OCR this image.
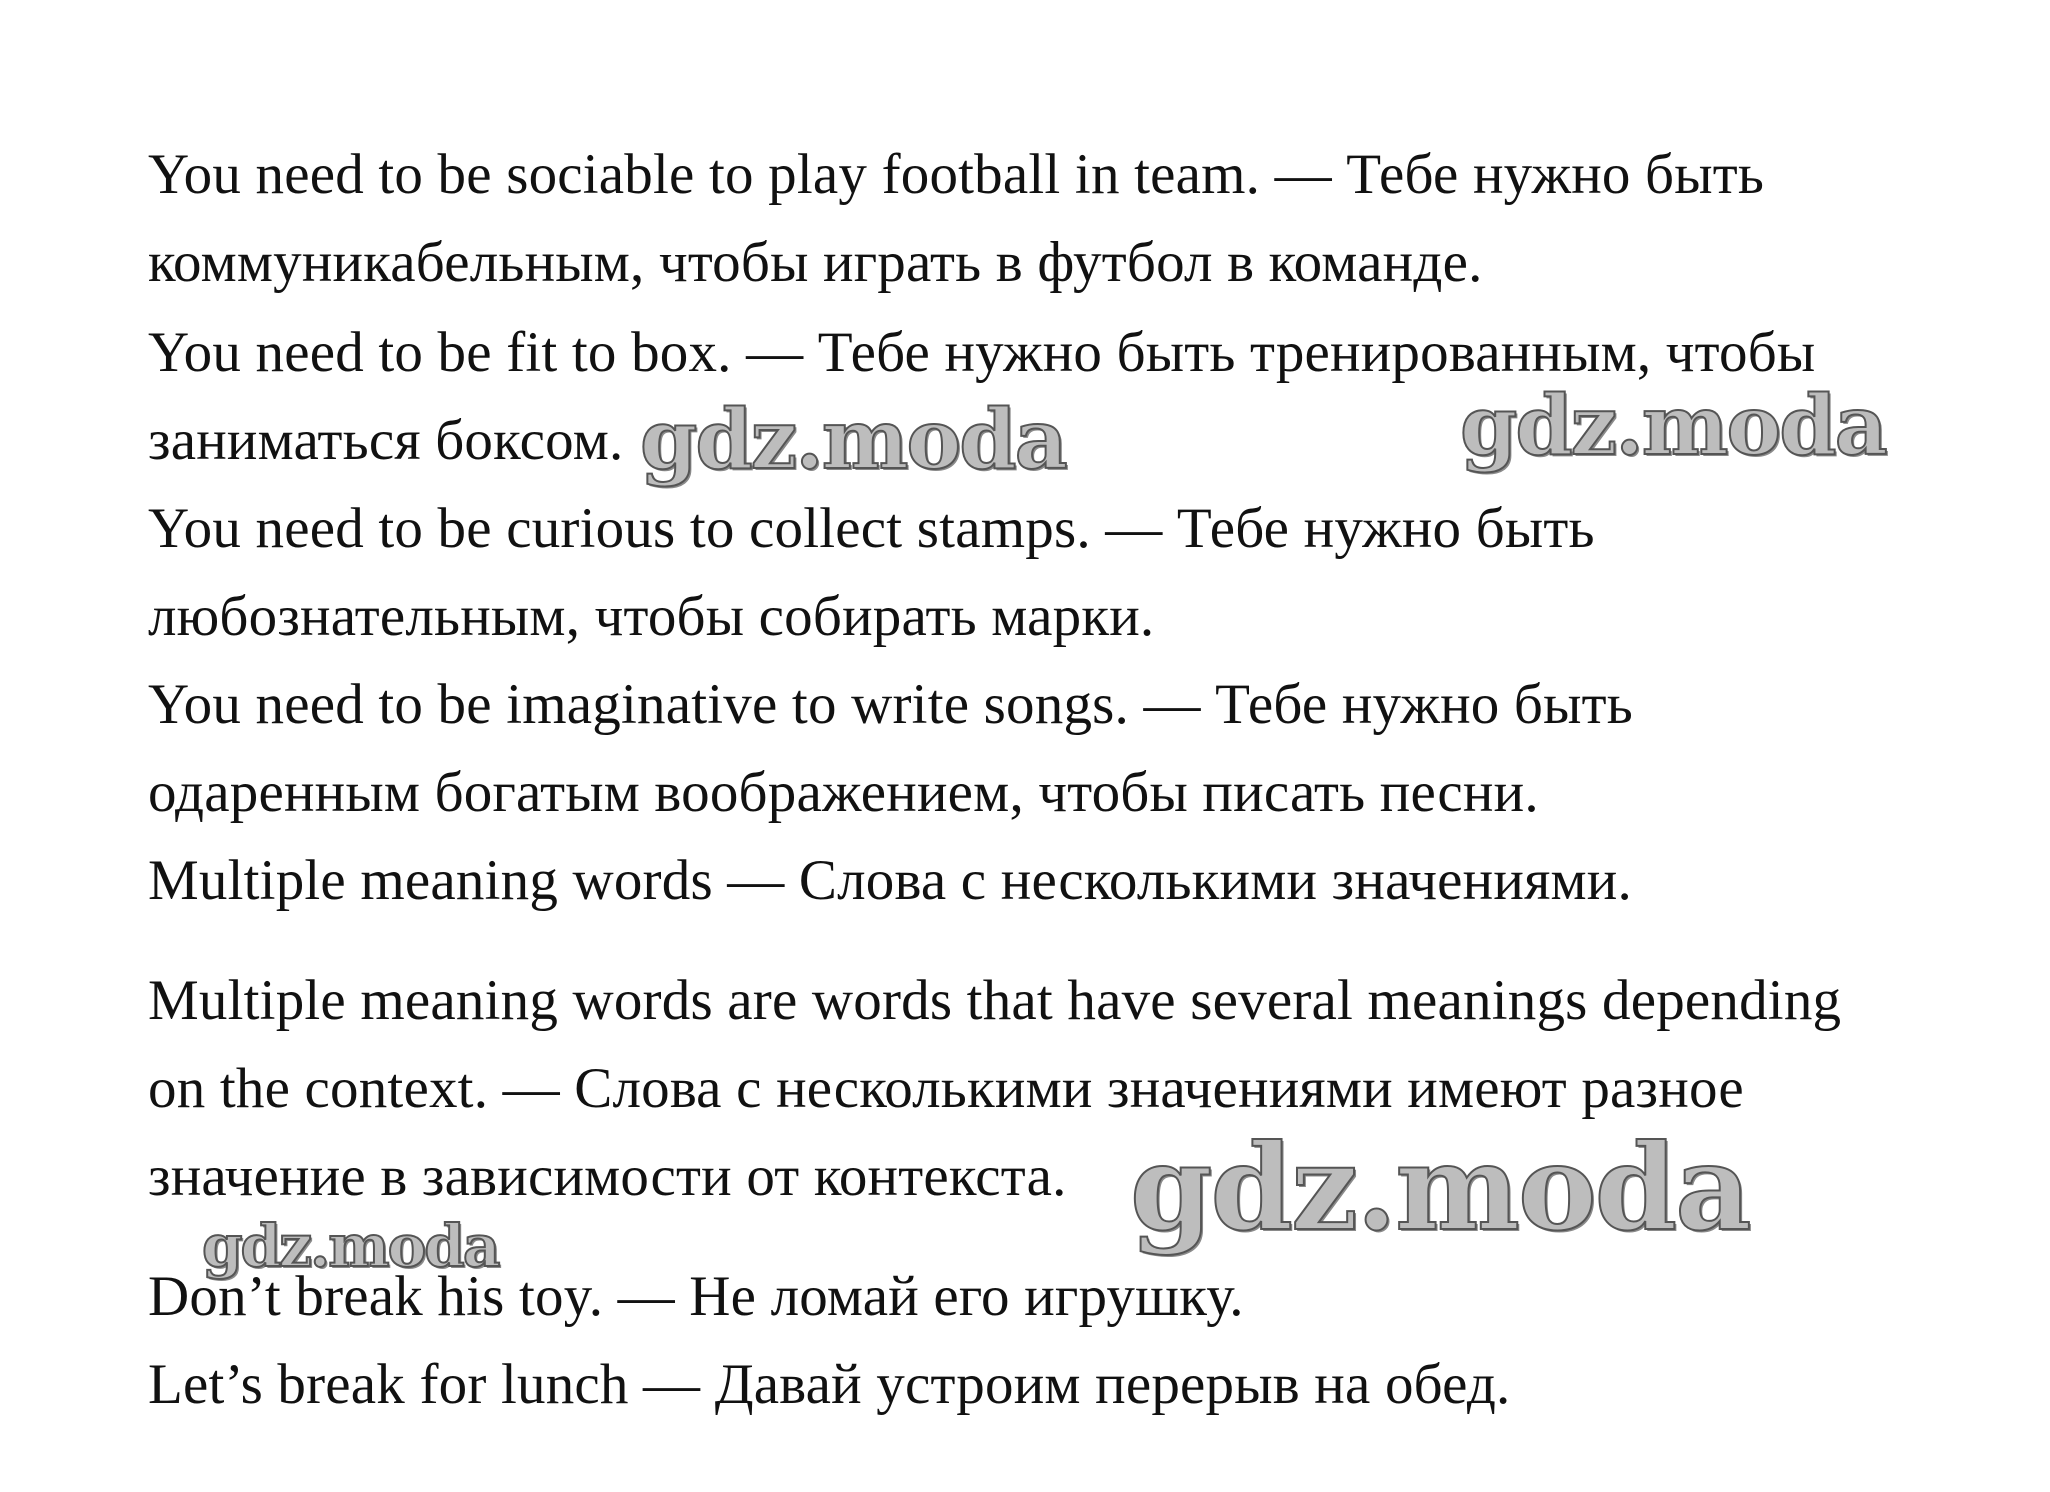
You need to be sociable to play football in team. — Тебе нужно быть
коммуникабельным, чтобы играть в футбол в команде.
You need to be fit to box. — Тебе нужно быть тренированным, чтобы
заниматься боксом.
You need to be curious to collect stamps. — Тебе нужно быть
любознательным, чтобы собирать марки.
You need to be imaginative to write songs. — Тебе нужно быть
одаренным богатым воображением, чтобы писать песни.
Multiple meaning words — Слова с несколькими значениями.
Multiple meaning words are words that have several meanings depending
on the context. — Слова с несколькими значениями имеют разное
значение в зависимости от контекста.
Don’t break his toy. — Не ломай его игрушку.
Let’s break for lunch — Давай устроим перерыв на обед.
gdz.moda	gdz.moda
gdz.moda
gdz.moda
